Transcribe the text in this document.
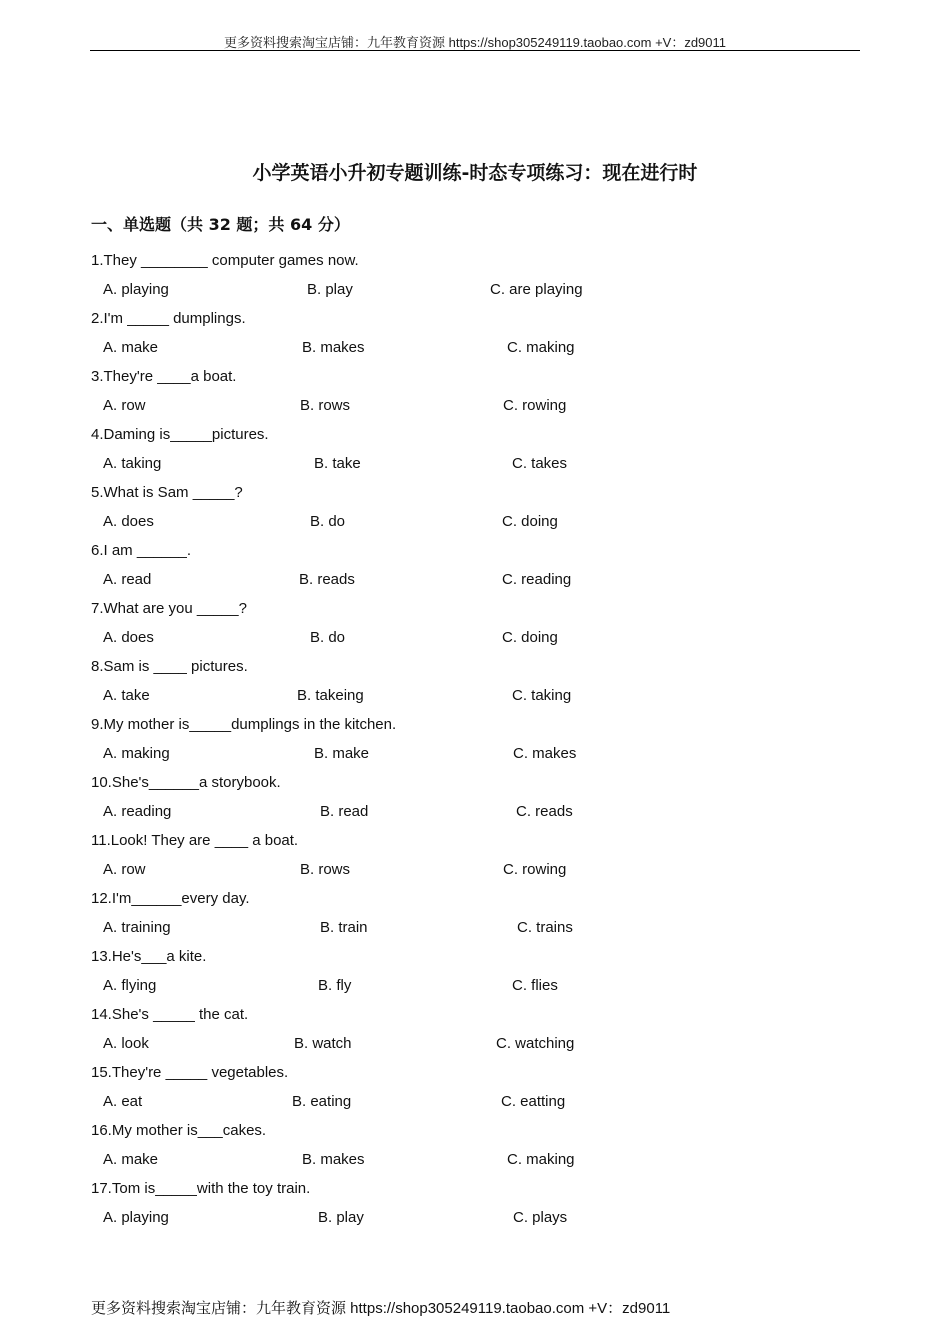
更多资料搜索淘宝店铺：九年教育资源 https://shop305249119.taobao.com +V：zd9011
小学英语小升初专题训练-时态专项练习：现在进行时
一、单选题（共 32 题；共 64 分）
1.They ________ computer games now.
A. playing	B. play	C. are playing
2.I'm _____ dumplings.
A. make	B. makes	C. making
3.They're ____a boat.
A. row	B. rows	C. rowing
4.Daming is_____pictures.
A. taking	B. take	C. takes
5.What is Sam _____?
A. does	B. do	C. doing
6.I am ______.
A. read	B. reads	C. reading
7.What are you _____?
A. does	B. do	C. doing
8.Sam is ____ pictures.
A. take	B. takeing	C. taking
9.My mother is_____dumplings in the kitchen.
A. making	B. make	C. makes
10.She's______a storybook.
A. reading	B. read	C. reads
11.Look! They are ____ a boat.
A. row	B. rows	C. rowing
12.I'm______every day.
A. training	B. train	C. trains
13.He's___a kite.
A. flying	B. fly	C. flies
14.She's _____ the cat.
A. look	B. watch	C. watching
15.They're _____ vegetables.
A. eat	B. eating	C. eatting
16.My mother is___cakes.
A. make	B. makes	C. making
17.Tom is_____with the toy train.
A. playing	B. play	C. plays
更多资料搜索淘宝店铺：九年教育资源 https://shop305249119.taobao.com +V：zd9011
